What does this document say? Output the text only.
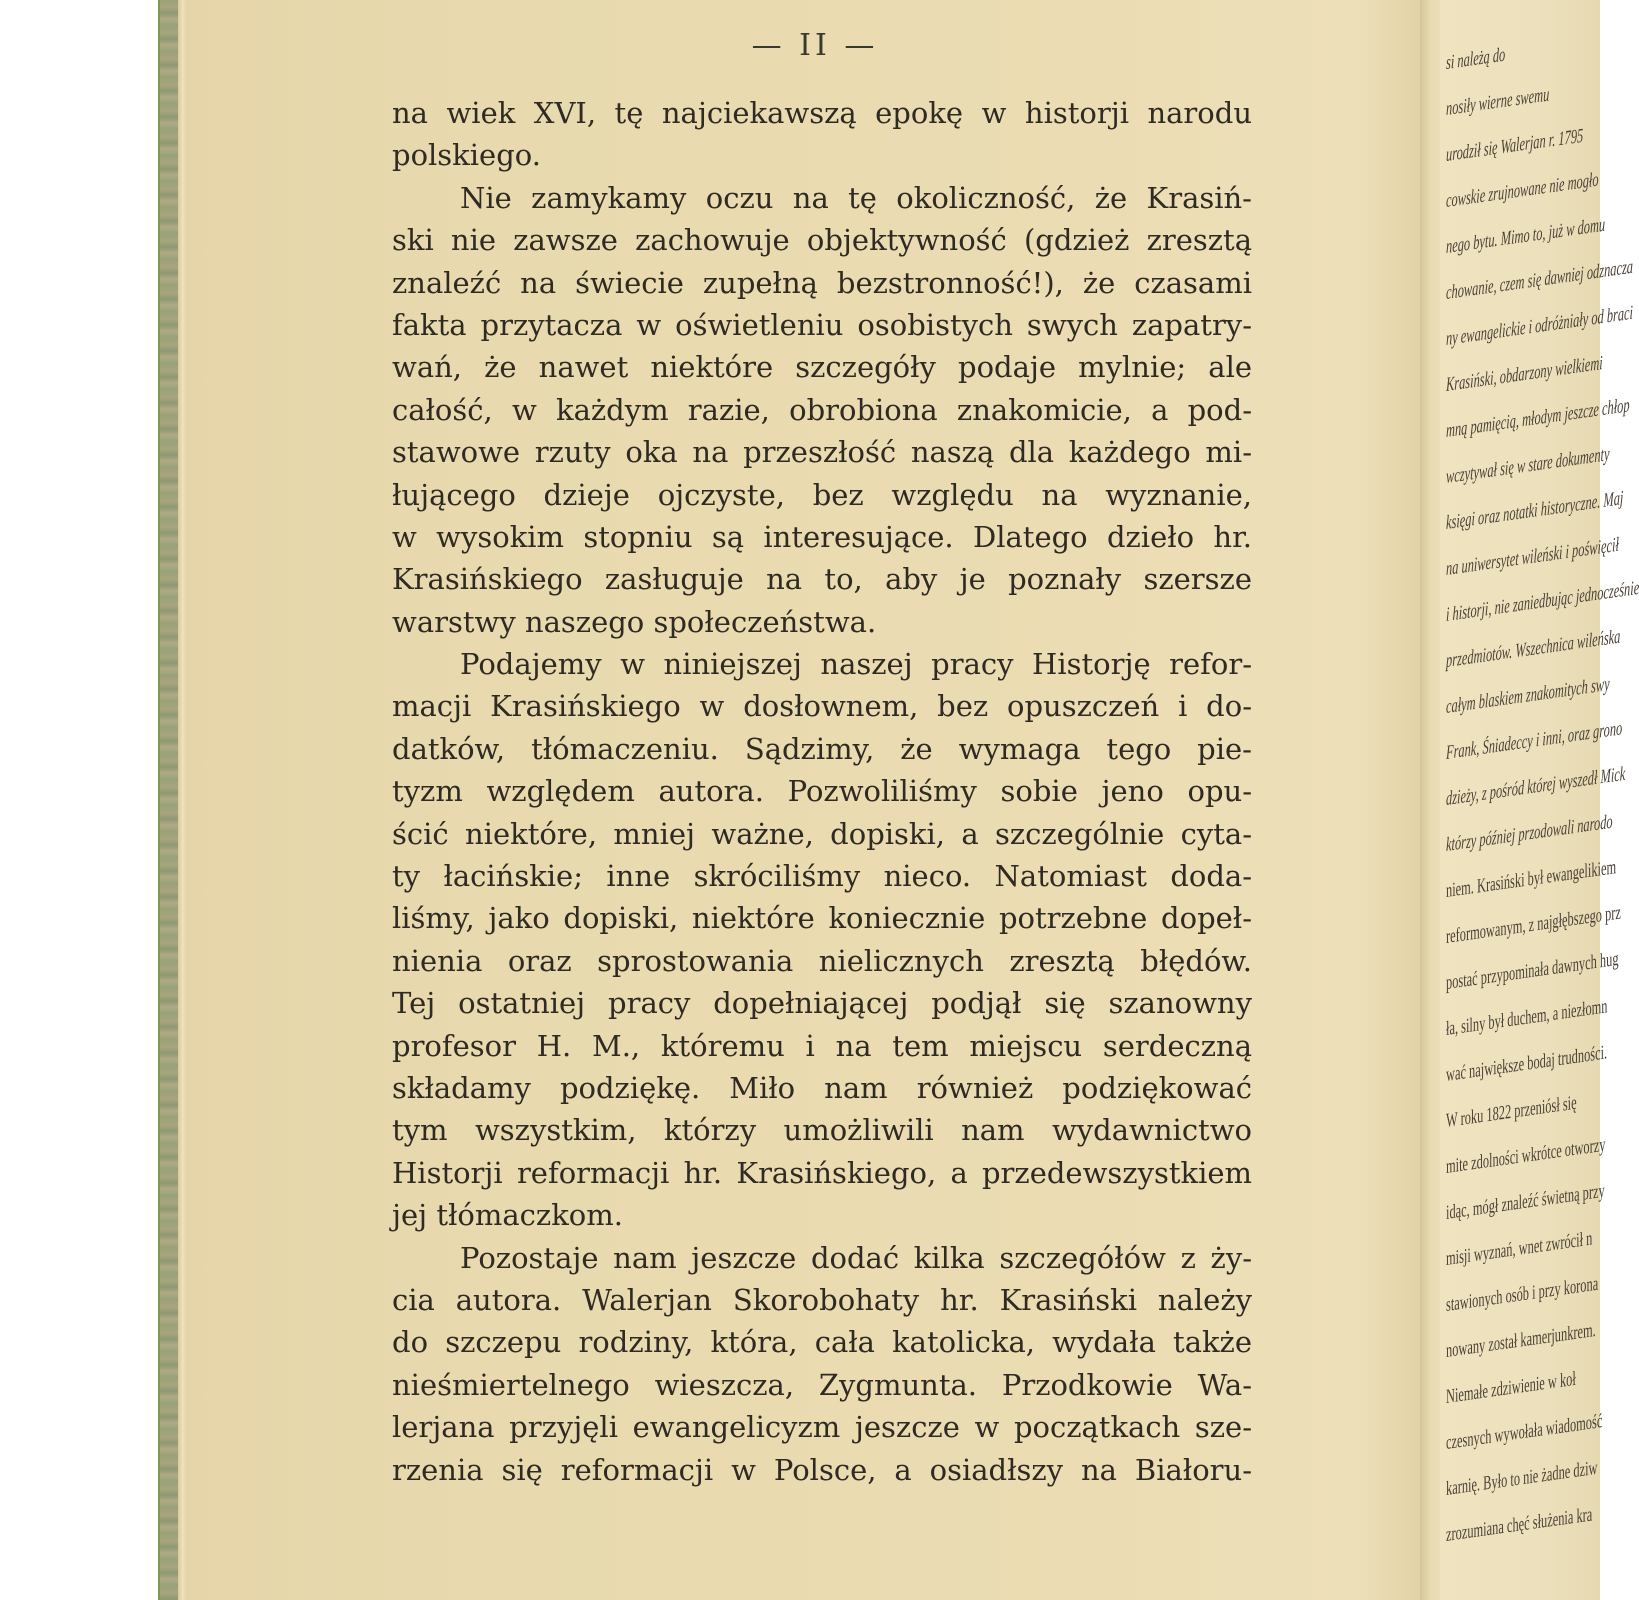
— II —
na wiek XVI, tę najciekawszą epokę w historji narodu
polskiego.
Nie zamykamy oczu na tę okoliczność, że Krasiń-
ski nie zawsze zachowuje objektywność (gdzież zresztą
znaleźć na świecie zupełną bezstronność!), że czasami
fakta przytacza w oświetleniu osobistych swych zapatry-
wań, że nawet niektóre szczegóły podaje mylnie; ale
całość, w każdym razie, obrobiona znakomicie, a pod-
stawowe rzuty oka na przeszłość naszą dla każdego mi-
łującego dzieje ojczyste, bez względu na wyznanie,
w wysokim stopniu są interesujące. Dlatego dzieło hr.
Krasińskiego zasługuje na to, aby je poznały szersze
warstwy naszego społeczeństwa.
Podajemy w niniejszej naszej pracy Historję refor-
macji Krasińskiego w dosłownem, bez opuszczeń i do-
datków, tłómaczeniu. Sądzimy, że wymaga tego pie-
tyzm względem autora. Pozwoliliśmy sobie jeno opu-
ścić niektóre, mniej ważne, dopiski, a szczególnie cyta-
ty łacińskie; inne skróciliśmy nieco. Natomiast doda-
liśmy, jako dopiski, niektóre koniecznie potrzebne dopeł-
nienia oraz sprostowania nielicznych zresztą błędów.
Tej ostatniej pracy dopełniającej podjął się szanowny
profesor H. M., któremu i na tem miejscu serdeczną
składamy podziękę. Miło nam również podziękować
tym wszystkim, którzy umożliwili nam wydawnictwo
Historji reformacji hr. Krasińskiego, a przedewszystkiem
jej tłómaczkom.
Pozostaje nam jeszcze dodać kilka szczegółów z ży-
cia autora. Walerjan Skorobohaty hr. Krasiński należy
do szczepu rodziny, która, cała katolicka, wydała także
nieśmiertelnego wieszcza, Zygmunta. Przodkowie Wa-
lerjana przyjęli ewangelicyzm jeszcze w początkach sze-
rzenia się reformacji w Polsce, a osiadłszy na Białoru-
si należą do
nosiły wierne swemu
urodził się Walerjan r. 1795
cowskie zrujnowane nie mogło
nego bytu. Mimo to, już w domu
chowanie, czem się dawniej odznacza
ny ewangelickie i odróżniały od braci
Krasiński, obdarzony wielkiemi
mną pamięcią, młodym jeszcze chłop
wczytywał się w stare dokumenty
księgi oraz notatki historyczne. Maj
na uniwersytet wileński i poświęcił
i historji, nie zaniedbując jednocześnie
przedmiotów. Wszechnica wileńska
całym blaskiem znakomitych swy
Frank, Śniadeccy i inni, oraz grono
dzieży, z pośród której wyszedł Mick
którzy później przodowali narodo
niem. Krasiński był ewangelikiem
reformowanym, z najgłębszego prz
postać przypominała dawnych hug
ła, silny był duchem, a niezłomn
wać największe bodaj trudności.
W roku 1822 przeniósł się
mite zdolności wkrótce otworzy
idąc, mógł znaleźć świetną przy
misji wyznań, wnet zwrócił n
stawionych osób i przy korona
nowany został kamerjunkrem.
Niemałe zdziwienie w koł
czesnych wywołała wiadomość
karnię. Było to nie żadne dziw
zrozumiana chęć służenia kra
